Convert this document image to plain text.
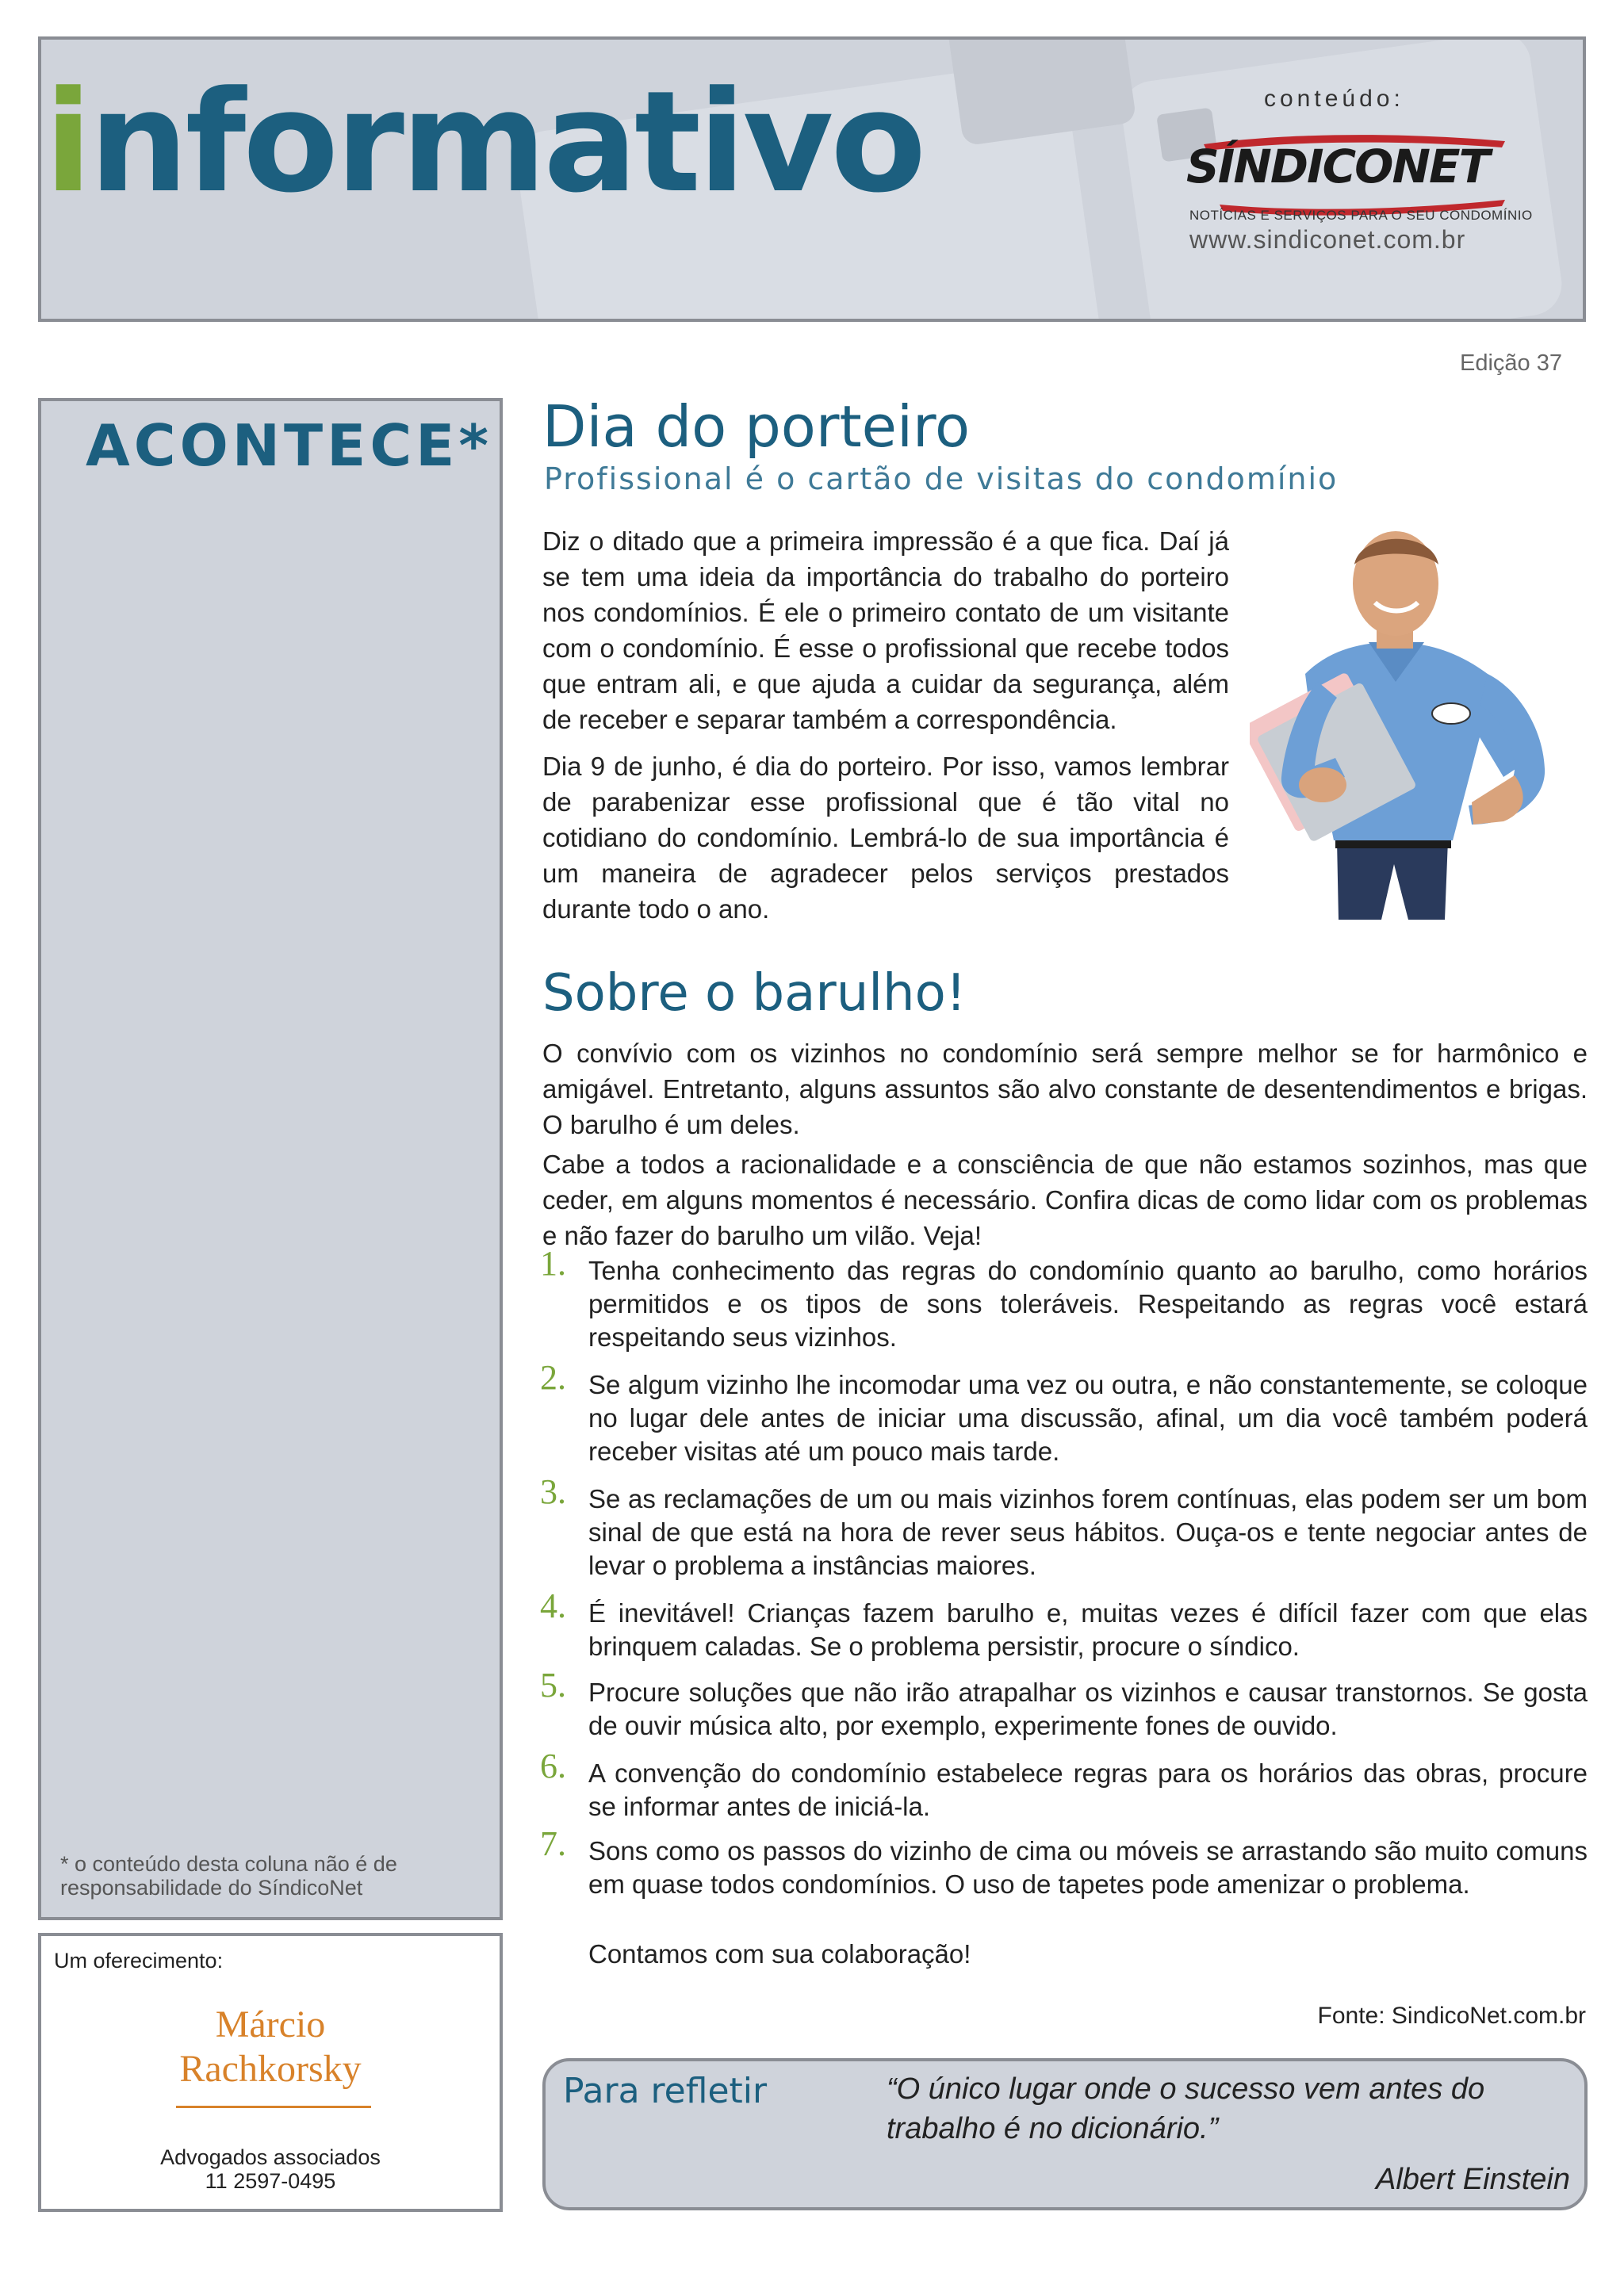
informativo	conteúdo:
SÍNDICONET
NOTÍCIAS E SERVIÇOS PARA O SEU CONDOMÍNIO
www.sindiconet.com.br
Edição 37
ACONTECE*
* o conteúdo desta coluna não é de responsabilidade do SíndicoNet
Um oferecimento:
Márcio
Rachkorsky
Advogados associados
11 2597-0495
Dia do porteiro
Profissional é o cartão de visitas do condomínio
Diz o ditado que a primeira impressão é a que fica. Daí já se tem uma ideia da importância do trabalho do porteiro nos condomínios. É ele o primeiro contato de um visitante com o condomínio. É esse o profissional que recebe todos que entram ali, e que ajuda a cuidar da segurança, além de receber e separar também a correspondência.
Dia 9 de junho, é dia do porteiro. Por isso, vamos lembrar de parabenizar esse profissional que é tão vital no cotidiano do condomínio. Lembrá-lo de sua importância é um maneira de agradecer pelos serviços prestados durante todo o ano.
Sobre o barulho!
O convívio com os vizinhos no condomínio será sempre melhor se for harmônico e amigável. Entretanto, alguns assuntos são alvo constante de desentendimentos e brigas. O barulho é um deles.
Cabe a todos a racionalidade e a consciência de que não estamos sozinhos, mas que ceder, em alguns momentos é necessário. Confira dicas de como lidar com os problemas e não fazer do barulho um vilão. Veja!
1. Tenha conhecimento das regras do condomínio quanto ao barulho, como horários permitidos e os tipos de sons toleráveis. Respeitando as regras você estará respeitando seus vizinhos.
2. Se algum vizinho lhe incomodar uma vez ou outra, e não constantemente, se coloque no lugar dele antes de iniciar uma discussão, afinal, um dia você também poderá receber visitas até um pouco mais tarde.
3. Se as reclamações de um ou mais vizinhos forem contínuas, elas podem ser um bom sinal de que está na hora de rever seus hábitos. Ouça-os e tente negociar antes de levar o problema a instâncias maiores.
4. É inevitável! Crianças fazem barulho e, muitas vezes é difícil fazer com que elas brinquem caladas. Se o problema persistir, procure o síndico.
5. Procure soluções que não irão atrapalhar os vizinhos e causar transtornos. Se gosta de ouvir música alto, por exemplo, experimente fones de ouvido.
6. A convenção do condomínio estabelece regras para os horários das obras, procure se informar antes de iniciá-la.
7. Sons como os passos do vizinho de cima ou móveis se arrastando são muito comuns em quase todos condomínios. O uso de tapetes pode amenizar o problema.
Contamos com sua colaboração!
Fonte: SindicoNet.com.br
Para refletir	“O único lugar onde o sucesso vem antes do
trabalho é no dicionário.”
Albert Einstein
